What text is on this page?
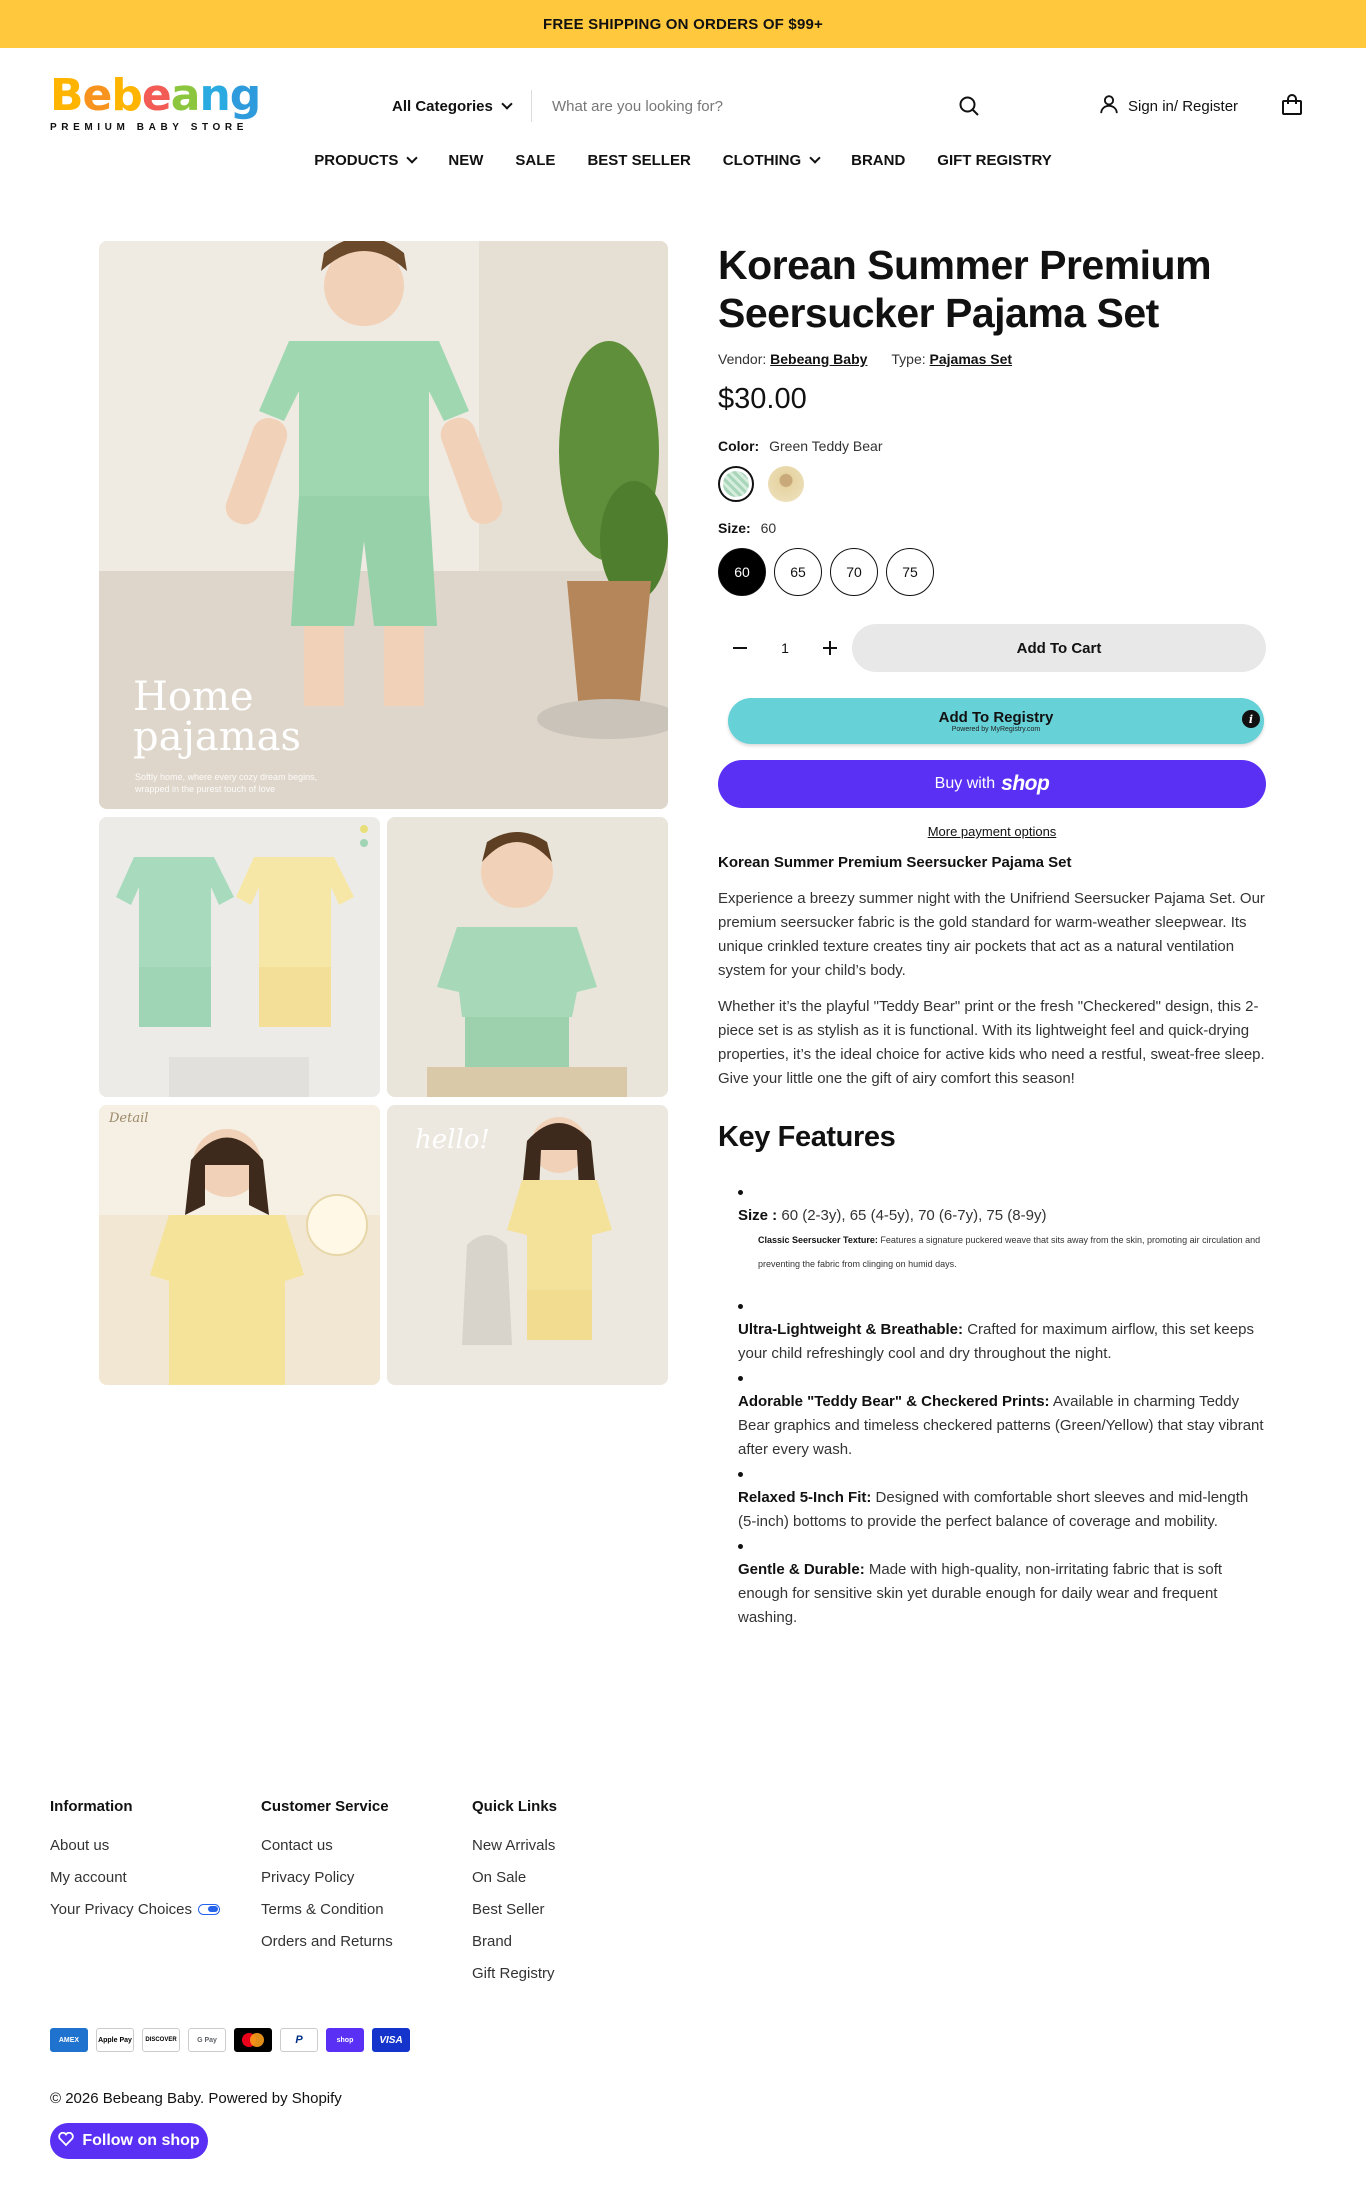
FREE SHIPPING ON ORDERS OF $99+
B e b e a n g
PREMIUM BABY STORE
All Categories
What are you looking for?	Sign in/ Register
PRODUCTS	NEW SALE BEST SELLER CLOTHING	BRAND GIFT REGISTRY
Home
pajamas
Softly home, where every cozy dream begins,
wrapped in the purest touch of love
Detail
hello!
Korean Summer Premium Seersucker Pajama Set
Vendor: Bebeang Baby Type: Pajamas Set
$30.00
Color: Green Teddy Bear
Size: 60
60	65	70	75
1	Add To Cart
Add To Registry
Powered by MyRegistry.com
i
Buy with shop
More payment options
Korean Summer Premium Seersucker Pajama Set

Experience a breezy summer night with the Unifriend Seersucker Pajama Set. Our premium seersucker fabric is the gold standard for warm-weather sleepwear. Its unique crinkled texture creates tiny air pockets that act as a natural ventilation system for your child’s body.

Whether it’s the playful "Teddy Bear" print or the fresh "Checkered" design, this 2-piece set is as stylish as it is functional. With its lightweight feel and quick-drying properties, it’s the ideal choice for active kids who need a restful, sweat-free sleep. Give your little one the gift of airy comfort this season!

Key Features
Size : 60 (2-3y), 65 (4-5y), 70 (6-7y), 75 (8-9y)
Classic Seersucker Texture: Features a signature puckered weave that sits away from the skin, promoting air circulation and preventing the fabric from clinging on humid days.
Ultra-Lightweight & Breathable: Crafted for maximum airflow, this set keeps your child refreshingly cool and dry throughout the night.
Adorable "Teddy Bear" & Checkered Prints: Available in charming Teddy Bear graphics and timeless checkered patterns (Green/Yellow) that stay vibrant after every wash.
Relaxed 5-Inch Fit: Designed with comfortable short sleeves and mid-length (5-inch) bottoms to provide the perfect balance of coverage and mobility.
Gentle & Durable: Made with high-quality, non-irritating fabric that is soft enough for sensitive skin yet durable enough for daily wear and frequent washing.
Information
About us
My account
Your Privacy Choices
Customer Service
Contact us
Privacy Policy
Terms & Condition
Orders and Returns
Quick Links
New Arrivals
On Sale
Best Seller
Brand
Gift Registry
AMEX	Apple Pay	DISCOVER	G Pay	P	shop	VISA
© 2026 Bebeang Baby. Powered by Shopify
Follow on shop
